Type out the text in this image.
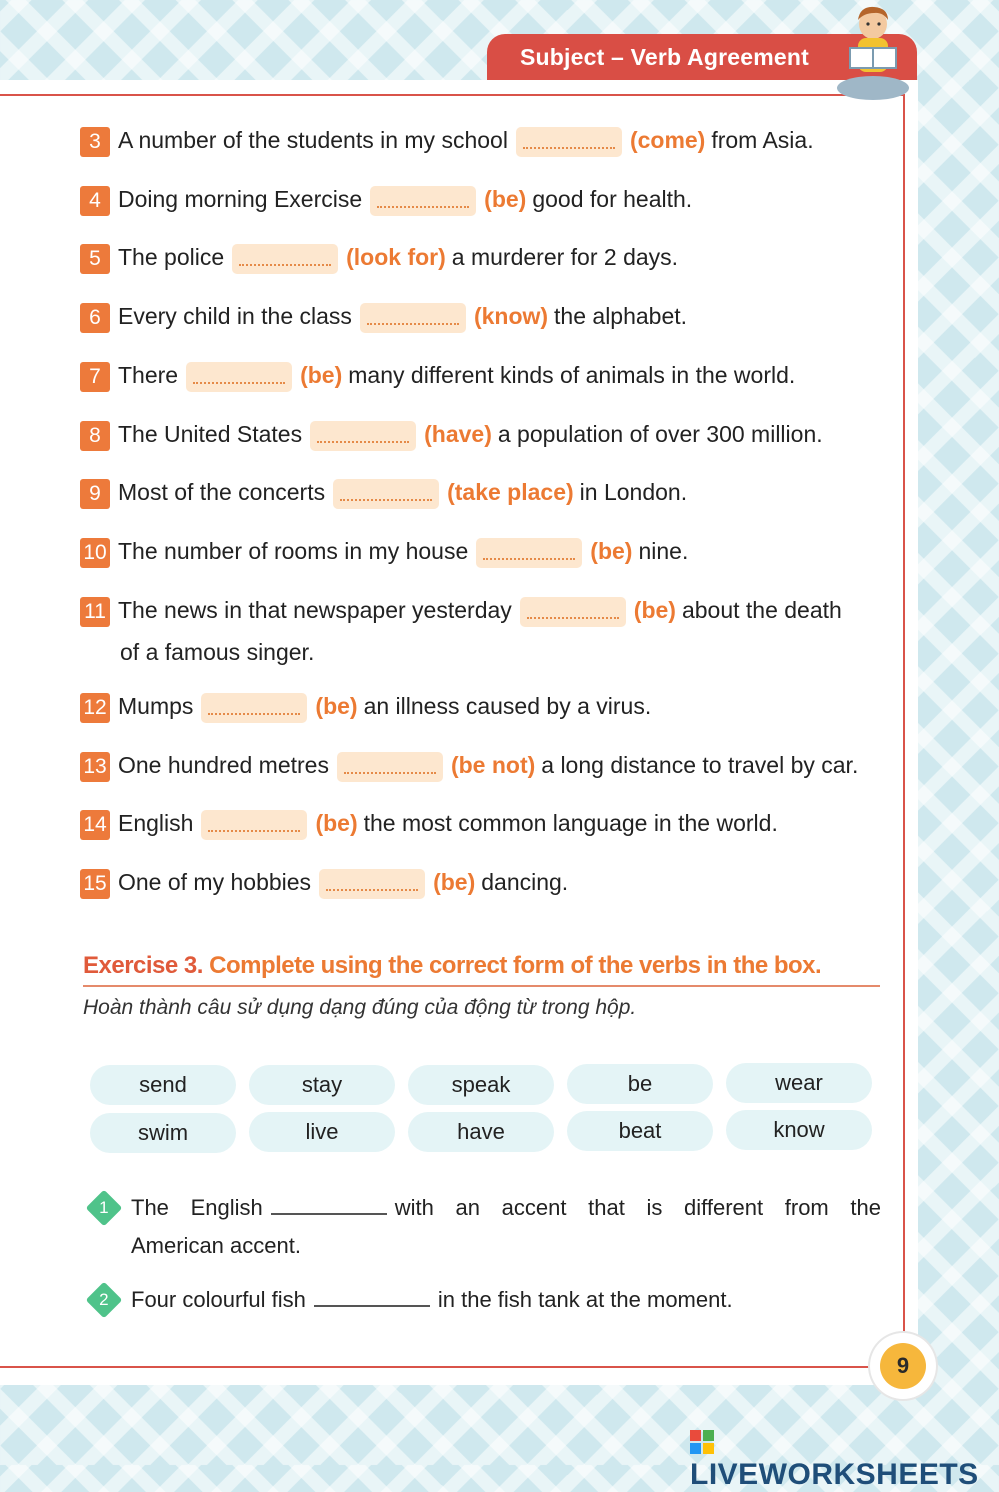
Subject – Verb Agreement
3 A number of the students in my school	(come) from Asia.
4 Doing morning Exercise	(be) good for health.
5 The police	(look for) a murderer for 2 days.
6 Every child in the class	(know) the alphabet.
7 There	(be) many different kinds of animals in the world.
8 The United States	(have) a population of over 300 million.
9 Most of the concerts	(take place) in London.
10 The number of rooms in my house	(be) nine.
11 The news in that newspaper yesterday	(be) about the death
of a famous singer.
12 Mumps	(be) an illness caused by a virus.
13 One hundred metres	(be not) a long distance to travel by car.
14 English	(be) the most common language in the world.
15 One of my hobbies	(be) dancing.
Exercise 3. Complete using the correct form of the verbs in the box.
Hoàn thành câu sử dụng dạng đúng của động từ trong hộp.
send	stay	speak	be	wear
swim	live	have	beat	know
1	The English	with an accent that is different from the
American accent.
2	Four colourful fish	in the fish tank at the moment.
9
LIVEWORKSHEETS
